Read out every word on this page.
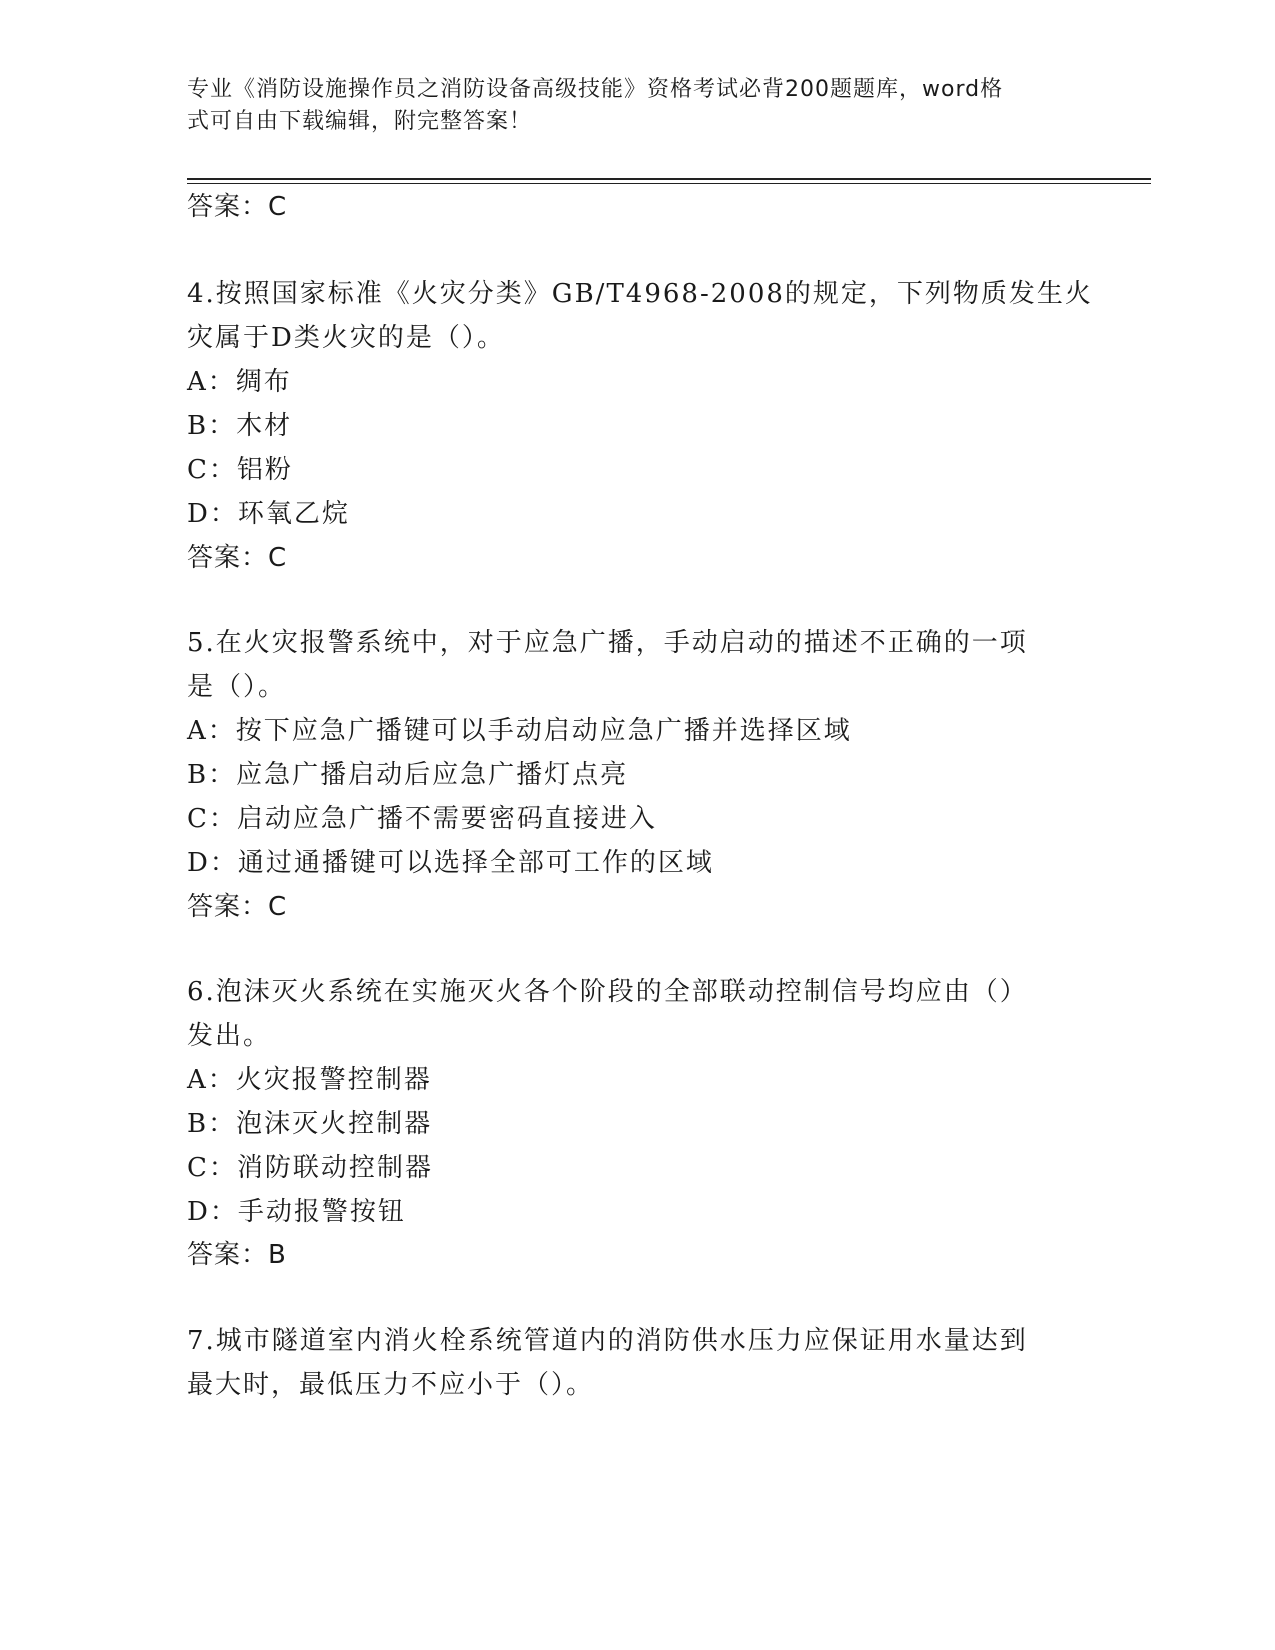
专业《消防设施操作员之消防设备高级技能》资格考试必背200题题库，word格
式可自由下载编辑，附完整答案！
答案：C
4.按照国家标准《火灾分类》GB/T4968-2008的规定，下列物质发生火
灾属于D类火灾的是（）。
A：绸布
B：木材
C：铝粉
D：环氧乙烷
答案：C
5.在火灾报警系统中，对于应急广播，手动启动的描述不正确的一项
是（）。
A：按下应急广播键可以手动启动应急广播并选择区域
B：应急广播启动后应急广播灯点亮
C：启动应急广播不需要密码直接进入
D：通过通播键可以选择全部可工作的区域
答案：C
6.泡沫灭火系统在实施灭火各个阶段的全部联动控制信号均应由（）
发出。
A：火灾报警控制器
B：泡沫灭火控制器
C：消防联动控制器
D：手动报警按钮
答案：B
7.城市隧道室内消火栓系统管道内的消防供水压力应保证用水量达到
最大时，最低压力不应小于（）。
